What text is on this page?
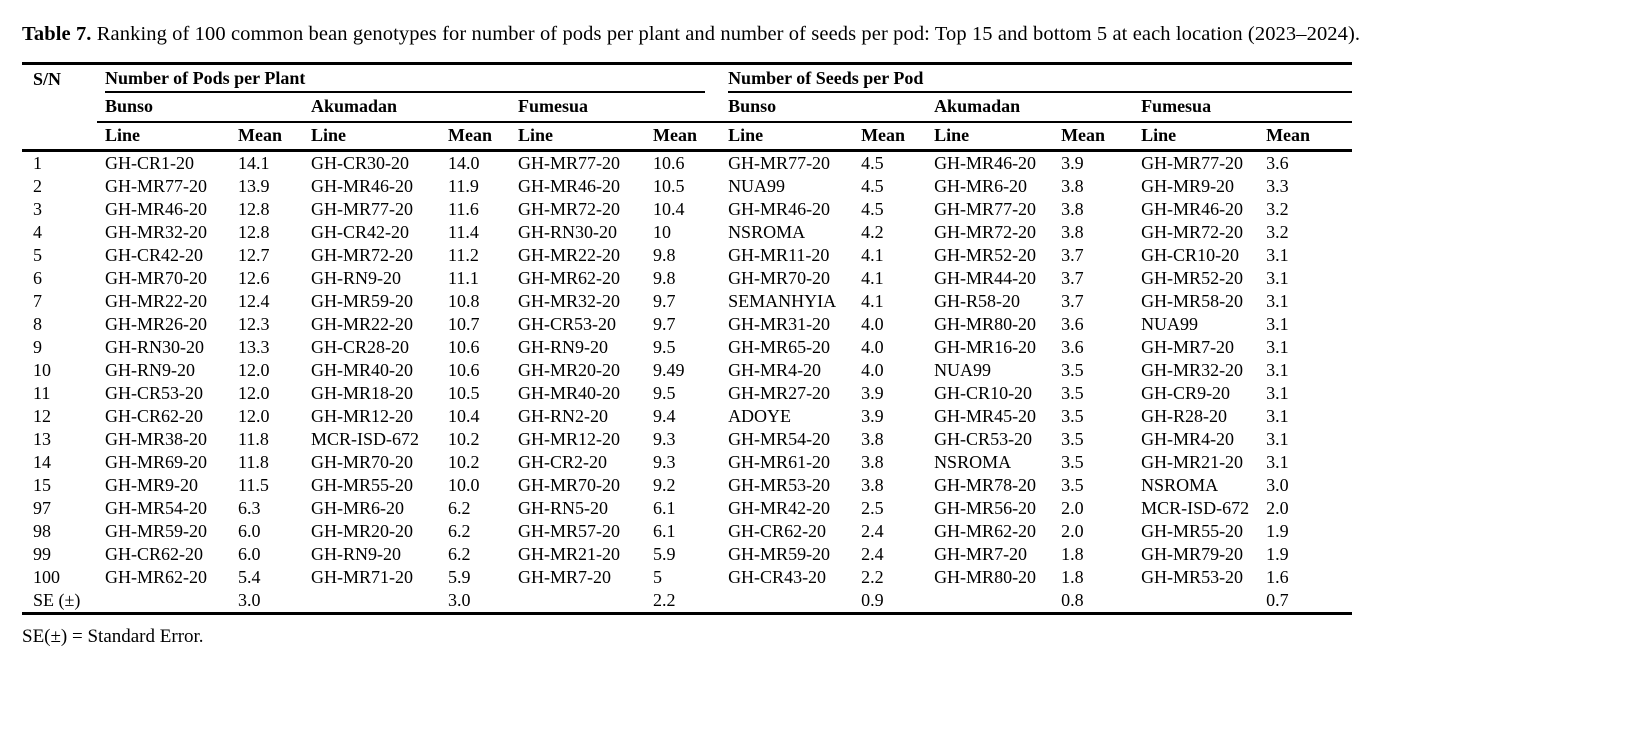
Table 7. Ranking of 100 common bean genotypes for number of pods per plant and number of seeds per pod: Top 15 and bottom 5 at each location (2023–2024).

S/N	Number of Pods per Plant						Number of Seeds per Pod					
	Bunso		Akumadan		Fumesua		Bunso		Akumadan		Fumesua	
	Line	Mean	Line	Mean	Line	Mean	Line	Mean	Line	Mean	Line	Mean
1	GH-CR1-20	14.1	GH-CR30-20	14.0	GH-MR77-20	10.6	GH-MR77-20	4.5	GH-MR46-20	3.9	GH-MR77-20	3.6
2	GH-MR77-20	13.9	GH-MR46-20	11.9	GH-MR46-20	10.5	NUA99	4.5	GH-MR6-20	3.8	GH-MR9-20	3.3
3	GH-MR46-20	12.8	GH-MR77-20	11.6	GH-MR72-20	10.4	GH-MR46-20	4.5	GH-MR77-20	3.8	GH-MR46-20	3.2
4	GH-MR32-20	12.8	GH-CR42-20	11.4	GH-RN30-20	10	NSROMA	4.2	GH-MR72-20	3.8	GH-MR72-20	3.2
5	GH-CR42-20	12.7	GH-MR72-20	11.2	GH-MR22-20	9.8	GH-MR11-20	4.1	GH-MR52-20	3.7	GH-CR10-20	3.1
6	GH-MR70-20	12.6	GH-RN9-20	11.1	GH-MR62-20	9.8	GH-MR70-20	4.1	GH-MR44-20	3.7	GH-MR52-20	3.1
7	GH-MR22-20	12.4	GH-MR59-20	10.8	GH-MR32-20	9.7	SEMANHYIA	4.1	GH-R58-20	3.7	GH-MR58-20	3.1
8	GH-MR26-20	12.3	GH-MR22-20	10.7	GH-CR53-20	9.7	GH-MR31-20	4.0	GH-MR80-20	3.6	NUA99	3.1
9	GH-RN30-20	13.3	GH-CR28-20	10.6	GH-RN9-20	9.5	GH-MR65-20	4.0	GH-MR16-20	3.6	GH-MR7-20	3.1
10	GH-RN9-20	12.0	GH-MR40-20	10.6	GH-MR20-20	9.49	GH-MR4-20	4.0	NUA99	3.5	GH-MR32-20	3.1
11	GH-CR53-20	12.0	GH-MR18-20	10.5	GH-MR40-20	9.5	GH-MR27-20	3.9	GH-CR10-20	3.5	GH-CR9-20	3.1
12	GH-CR62-20	12.0	GH-MR12-20	10.4	GH-RN2-20	9.4	ADOYE	3.9	GH-MR45-20	3.5	GH-R28-20	3.1
13	GH-MR38-20	11.8	MCR-ISD-672	10.2	GH-MR12-20	9.3	GH-MR54-20	3.8	GH-CR53-20	3.5	GH-MR4-20	3.1
14	GH-MR69-20	11.8	GH-MR70-20	10.2	GH-CR2-20	9.3	GH-MR61-20	3.8	NSROMA	3.5	GH-MR21-20	3.1
15	GH-MR9-20	11.5	GH-MR55-20	10.0	GH-MR70-20	9.2	GH-MR53-20	3.8	GH-MR78-20	3.5	NSROMA	3.0
97	GH-MR54-20	6.3	GH-MR6-20	6.2	GH-RN5-20	6.1	GH-MR42-20	2.5	GH-MR56-20	2.0	MCR-ISD-672	2.0
98	GH-MR59-20	6.0	GH-MR20-20	6.2	GH-MR57-20	6.1	GH-CR62-20	2.4	GH-MR62-20	2.0	GH-MR55-20	1.9
99	GH-CR62-20	6.0	GH-RN9-20	6.2	GH-MR21-20	5.9	GH-MR59-20	2.4	GH-MR7-20	1.8	GH-MR79-20	1.9
100	GH-MR62-20	5.4	GH-MR71-20	5.9	GH-MR7-20	5	GH-CR43-20	2.2	GH-MR80-20	1.8	GH-MR53-20	1.6
SE (±)		3.0		3.0		2.2		0.9		0.8		0.7

SE(±) = Standard Error.
